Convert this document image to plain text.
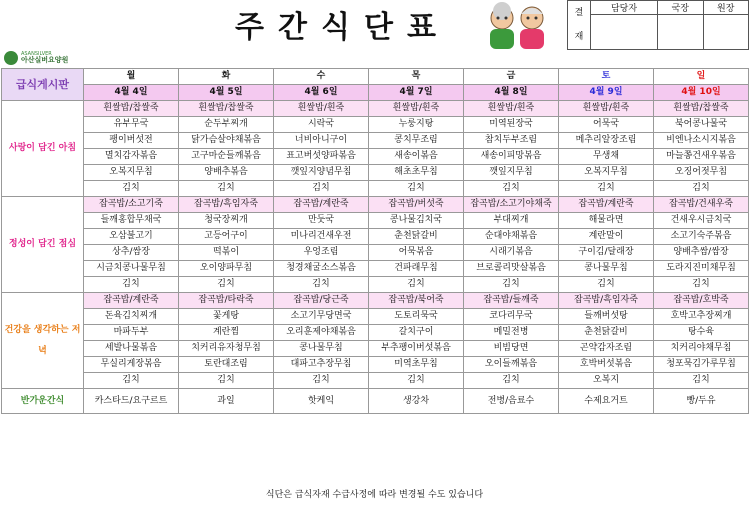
ASANSILVER
아산실버요양원
주간식단표	결
재	담당자	국장	원장

급식게시판	월	화	수	목	금	토	일
	4월 4일	4월 5일	4월 6일	4월 7일	4월 8일	4월 9일	4월 10일
사랑이 담긴 아침	흰쌀밥/찹쌀죽	흰쌀밥/찹쌀죽	흰쌀밥/흰죽	흰쌀밥/흰죽	흰쌀밥/흰죽	흰쌀밥/흰죽	흰쌀밥/찹쌀죽
	유부무국	순두부찌개	시락국	누룽지탕	미역된장국	어묵국	북어콩나물국
	팽이버섯전	닭가슴살야채볶음	너비아니구이	콩치무조림	참치두부조림	메추리알장조림	비엔나소시지볶음
	멸치감자볶음	고구마순들깨볶음	표고버섯양파볶음	새송이볶음	새송이피망볶음	무생채	마늘쫑건새우볶음
	오복지무침	양배추볶음	깻잎지양념무침	해초초무침	깻잎지무침	오복지무침	오징어젓무침
	김치	김치	김치	김치	김치	김치	김치
정성이 담긴 점심	잡곡밥/소고기죽	잡곡밥/흑임자죽	잡곡밥/계란죽	잡곡밥/버섯죽	잡곡밥/소고기야채죽	잡곡밥/계란죽	잡곡밥/건새우죽
	들깨홍합무채국	청국장찌개	만둣국	콩나물김치국	부대찌개	해물라면	건새우시금치국
	오삼불고기	고등어구이	미나리건새우전	춘천닭갈비	순대야채볶음	계란말이	소고기숙주볶음
	상추/쌈장	떡볶이	우엉조림	어묵볶음	시래기볶음	구이김/달래장	양배추쌈/쌈장
	시금치콩나물무침	오이양파무침	청경채굴소스볶음	건파래무침	브로콜리맛살볶음	콩나물무침	도라지진미채무침
	김치	김치	김치	김치	김치	김치	김치
건강을 생각하는 저녁	잡곡밥/계란죽	잡곡밥/타락죽	잡곡밥/당근죽	잡곡밥/북어죽	잡곡밥/들깨죽	잡곡밥/흑임자죽	잡곡밥/호박죽
	돈육김치찌개	꽃게탕	소고기무당면국	도토리묵국	코다리무국	들깨버섯탕	호박고추장찌개
	마파두부	계란찜	오리훈제야채볶음	갈치구이	메밀전병	춘천닭갈비	탕수육
	세발나물볶음	치커리유자청무침	콩나물무침	부추팽이버섯볶음	비빔당면	곤약감자조림	치커리야채무침
	무실리게장볶음	토란대조림	대파고추장무침	미역초무침	오이들깨볶음	호박버섯볶음	청포묵김가루무침
	김치	김치	김치	김치	김치	오복지	김치
반가운간식	카스타드/요구르트	과일	핫케익	생강차	전병/음료수	수제요거트	빵/두유
식단은 급식자재 수급사정에 따라 변경될 수도 있습니다
